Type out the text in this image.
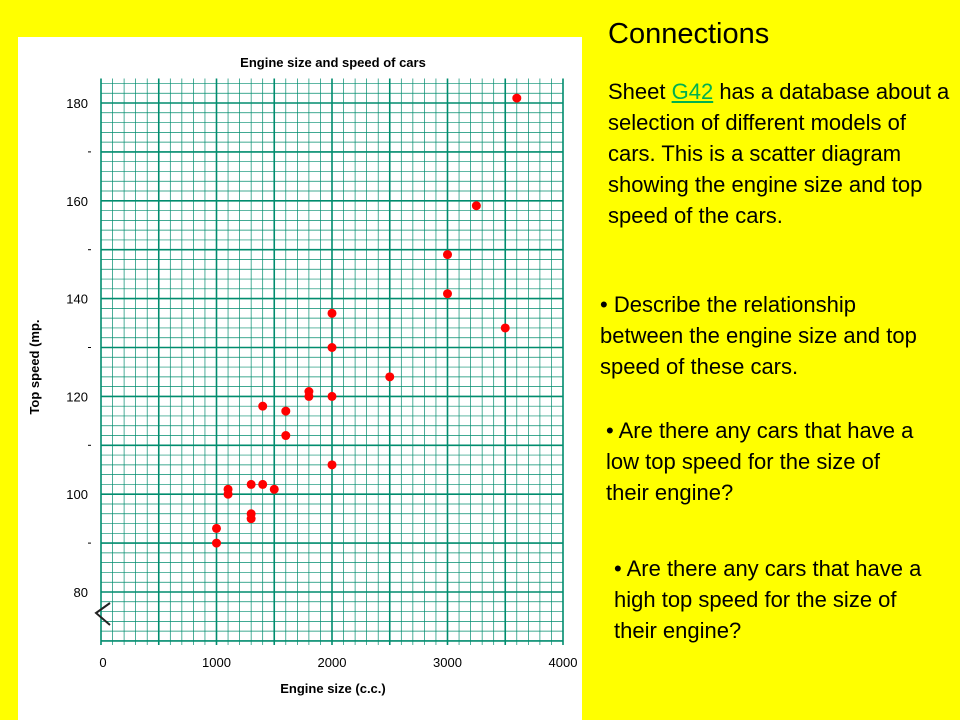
Engine size and speed of cars
80
100
120
140
160
180
0	1000	2000	3000	4000
Engine size (c.c.)
Top speed (mp.
Connections
Sheet G42 has a database about a selection of different models of cars. This is a scatter diagram showing the engine size and top speed of the cars.
• Describe the relationship between the engine size and top speed of these cars.
• Are there any cars that have a low top speed for the size of their engine?
• Are there any cars that have a high top speed for the size of their engine?
